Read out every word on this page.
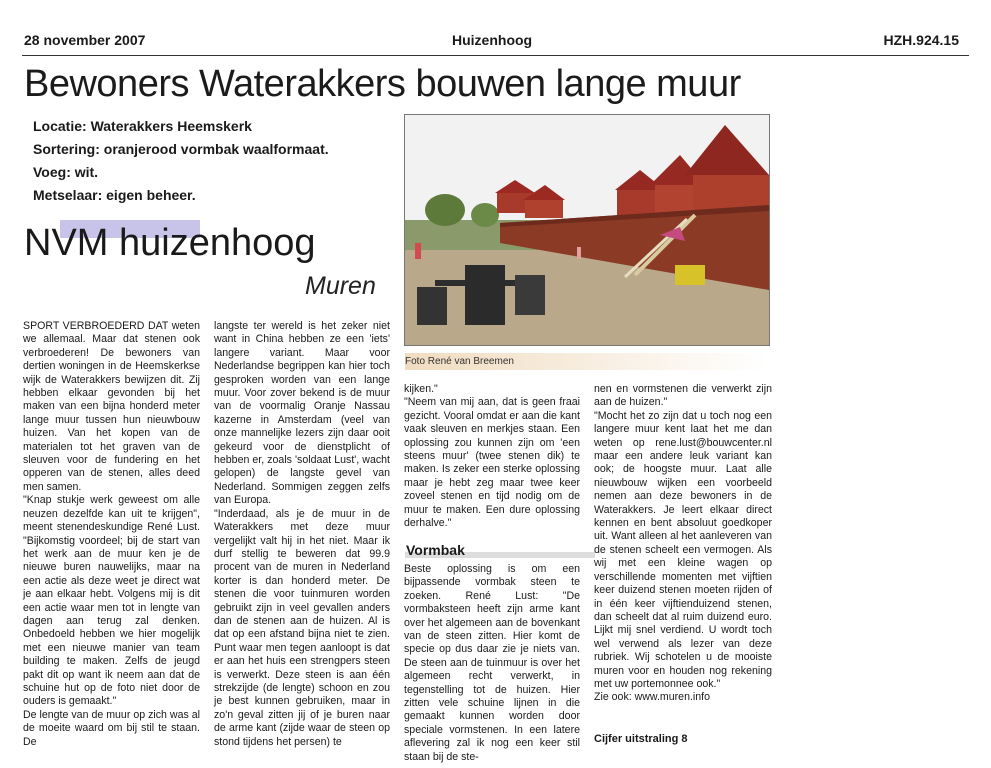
28 november 2007	Huizenhoog	HZH.924.15
Bewoners Waterakkers bouwen lange muur
Locatie: Waterakkers Heemskerk
Sortering: oranjerood vormbak waalformaat.
Voeg: wit.
Metselaar: eigen beheer.
NVM huizenhoog
Muren
Foto René van Breemen

SPORT VERBROEDERD DAT weten we allemaal. Maar dat stenen ook verbroederen! De bewoners van dertien woningen in de Heemskerkse wijk de Waterakkers bewijzen dit. Zij hebben elkaar gevonden bij het maken van een bijna honderd meter lange muur tussen hun nieuwbouw huizen. Van het kopen van de materialen tot het graven van de sleuven voor de fundering en het opperen van de stenen, alles deed men samen.

"Knap stukje werk geweest om alle neuzen dezelfde kan uit te krijgen", meent stenendeskundige René Lust. "Bijkomstig voordeel; bij de start van het werk aan de muur ken je de nieuwe buren nauwelijks, maar na een actie als deze weet je direct wat je aan elkaar hebt. Volgens mij is dit een actie waar men tot in lengte van dagen aan terug zal denken. Onbedoeld hebben we hier mogelijk met een nieuwe manier van team building te maken. Zelfs de jeugd pakt dit op want ik neem aan dat de schuine hut op de foto niet door de ouders is gemaakt."

De lengte van de muur op zich was al de moeite waard om bij stil te staan. De

langste ter wereld is het zeker niet want in China hebben ze een 'iets' langere variant. Maar voor Nederlandse begrippen kan hier toch gesproken worden van een lange muur. Voor zover bekend is de muur van de voormalig Oranje Nassau kazerne in Amsterdam (veel van onze mannelijke lezers zijn daar ooit gekeurd voor de dienstplicht of hebben er, zoals 'soldaat Lust', wacht gelopen) de langste gevel van Nederland. Sommigen zeggen zelfs van Europa.

"Inderdaad, als je de muur in de Waterakkers met deze muur vergelijkt valt hij in het niet. Maar ik durf stellig te beweren dat 99.9 procent van de muren in Nederland korter is dan honderd meter. De stenen die voor tuinmuren worden gebruikt zijn in veel gevallen anders dan de stenen aan de huizen. Al is dat op een afstand bijna niet te zien. Punt waar men tegen aanloopt is dat er aan het huis een strengpers steen is verwerkt. Deze steen is aan één strekzijde (de lengte) schoon en zou je best kunnen gebruiken, maar in zo'n geval zitten jij of je buren naar de arme kant (zijde waar de steen op stond tijdens het persen) te

kijken."

"Neem van mij aan, dat is geen fraai gezicht. Vooral omdat er aan die kant vaak sleuven en merkjes staan. Een oplossing zou kunnen zijn om 'een steens muur' (twee stenen dik) te maken. Is zeker een sterke oplossing maar je hebt zeg maar twee keer zoveel stenen en tijd nodig om de muur te maken. Een dure oplossing derhalve."

Vormbak

Beste oplossing is om een bijpassende vormbak steen te zoeken. René Lust: "De vormbaksteen heeft zijn arme kant over het algemeen aan de bovenkant van de steen zitten. Hier komt de specie op dus daar zie je niets van. De steen aan de tuinmuur is over het algemeen recht verwerkt, in tegenstelling tot de huizen. Hier zitten vele schuine lijnen in die gemaakt kunnen worden door speciale vormstenen. In een latere aflevering zal ik nog een keer stil staan bij de ste-

nen en vormstenen die verwerkt zijn aan de huizen."

"Mocht het zo zijn dat u toch nog een langere muur kent laat het me dan weten op rene.lust@bouwcenter.nl maar een andere leuk variant kan ook; de hoogste muur. Laat alle nieuwbouw wijken een voorbeeld nemen aan deze bewoners in de Waterakkers. Je leert elkaar direct kennen en bent absoluut goedkoper uit. Want alleen al het aanleveren van de stenen scheelt een vermogen. Als wij met een kleine wagen op verschillende momenten met vijftien keer duizend stenen moeten rijden of in één keer vijftienduizend stenen, dan scheelt dat al ruim duizend euro. Lijkt mij snel verdiend. U wordt toch wel verwend als lezer van deze rubriek. Wij schotelen u de mooiste muren voor en houden nog rekening met uw portemonnee ook."

Zie ook: www.muren.info

Cijfer uitstraling 8
